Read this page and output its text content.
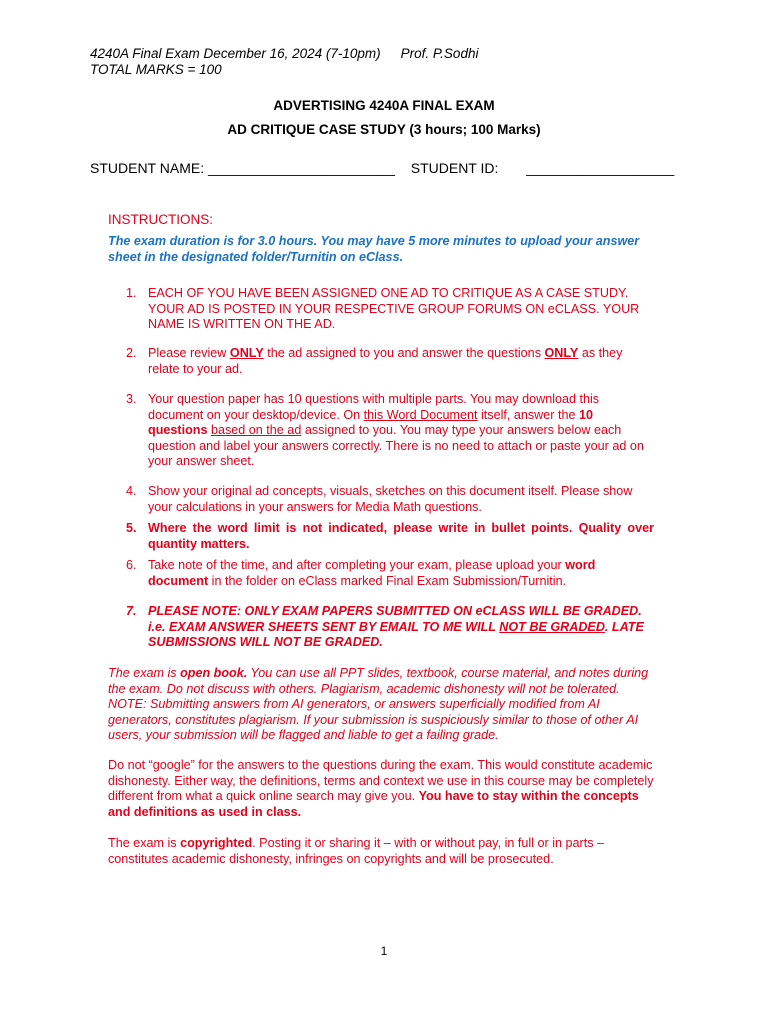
4240A Final Exam December 16, 2024 (7-10pm) Prof. P.Sodhi
TOTAL MARKS = 100
ADVERTISING 4240A FINAL EXAM
AD CRITIQUE CASE STUDY (3 hours; 100 Marks)
STUDENT NAME: ________________________ STUDENT ID: ___________________
INSTRUCTIONS:
The exam duration is for 3.0 hours. You may have 5 more minutes to upload your answer sheet in the designated folder/Turnitin on eClass.
1. EACH OF YOU HAVE BEEN ASSIGNED ONE AD TO CRITIQUE AS A CASE STUDY. YOUR AD IS POSTED IN YOUR RESPECTIVE GROUP FORUMS ON eCLASS. YOUR NAME IS WRITTEN ON THE AD.
2. Please review ONLY the ad assigned to you and answer the questions ONLY as they relate to your ad.
3. Your question paper has 10 questions with multiple parts. You may download this document on your desktop/device. On this Word Document itself, answer the 10 questions based on the ad assigned to you. You may type your answers below each question and label your answers correctly. There is no need to attach or paste your ad on your answer sheet.
4. Show your original ad concepts, visuals, sketches on this document itself. Please show your calculations in your answers for Media Math questions.
5. Where the word limit is not indicated, please write in bullet points. Quality over quantity matters.
6. Take note of the time, and after completing your exam, please upload your word document in the folder on eClass marked Final Exam Submission/Turnitin.
7. PLEASE NOTE: ONLY EXAM PAPERS SUBMITTED ON eCLASS WILL BE GRADED. i.e. EXAM ANSWER SHEETS SENT BY EMAIL TO ME WILL NOT BE GRADED. LATE SUBMISSIONS WILL NOT BE GRADED.
The exam is open book. You can use all PPT slides, textbook, course material, and notes during the exam. Do not discuss with others. Plagiarism, academic dishonesty will not be tolerated. NOTE: Submitting answers from AI generators, or answers superficially modified from AI generators, constitutes plagiarism. If your submission is suspiciously similar to those of other AI users, your submission will be flagged and liable to get a failing grade.
Do not “google” for the answers to the questions during the exam. This would constitute academic dishonesty. Either way, the definitions, terms and context we use in this course may be completely different from what a quick online search may give you. You have to stay within the concepts and definitions as used in class.
The exam is copyrighted. Posting it or sharing it – with or without pay, in full or in parts – constitutes academic dishonesty, infringes on copyrights and will be prosecuted.
1
